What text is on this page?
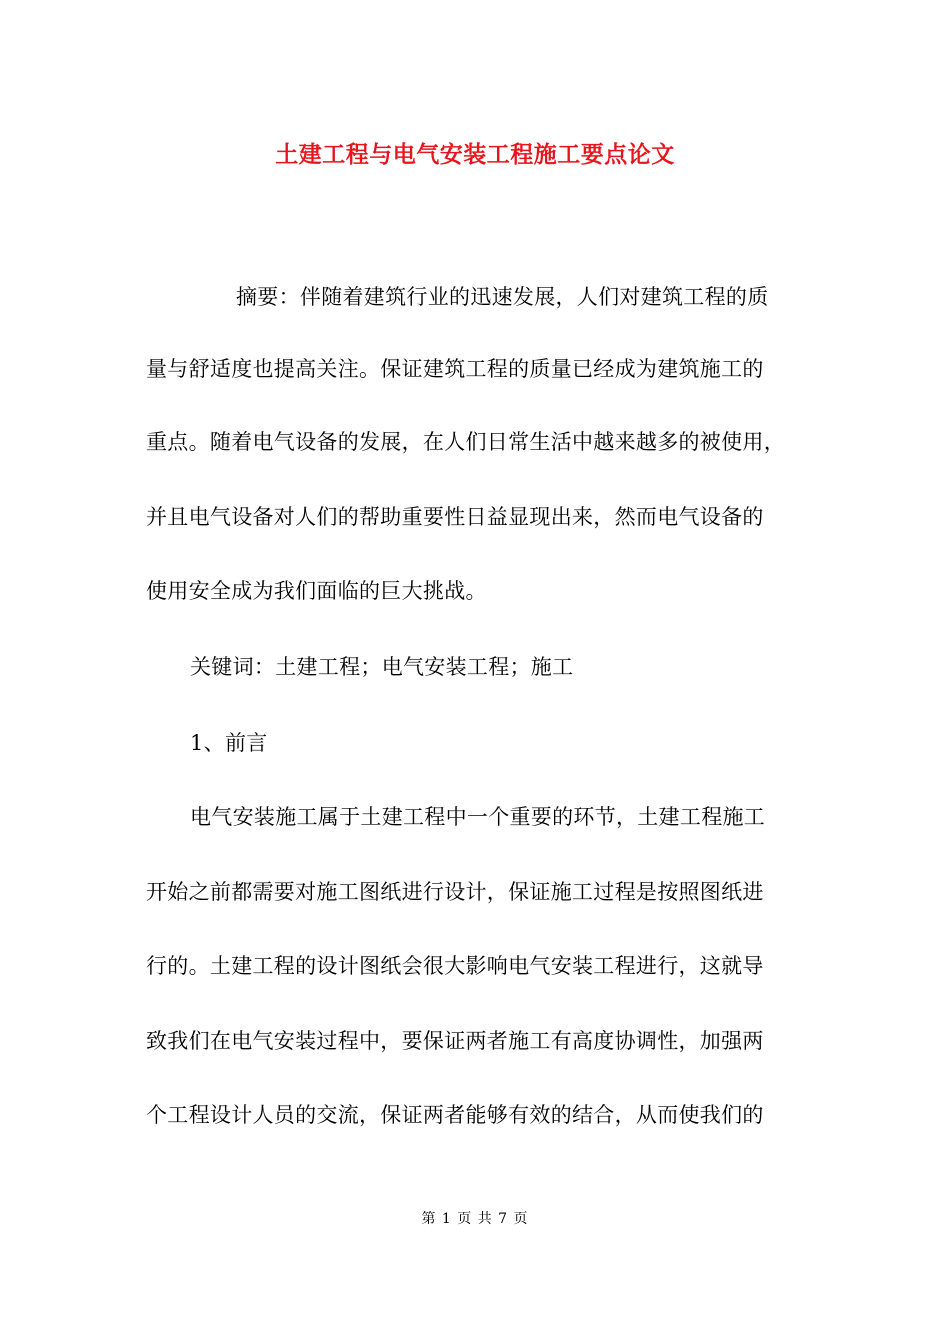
土建工程与电气安装工程施工要点论文
摘要：伴随着建筑行业的迅速发展，人们对建筑工程的质
量与舒适度也提高关注。保证建筑工程的质量已经成为建筑施工的
重点。随着电气设备的发展，在人们日常生活中越来越多的被使用，
并且电气设备对人们的帮助重要性日益显现出来，然而电气设备的
使用安全成为我们面临的巨大挑战。
关键词：土建工程；电气安装工程；施工
1、前言
电气安装施工属于土建工程中一个重要的环节，土建工程施工
开始之前都需要对施工图纸进行设计，保证施工过程是按照图纸进
行的。土建工程的设计图纸会很大影响电气安装工程进行，这就导
致我们在电气安装过程中，要保证两者施工有高度协调性，加强两
个工程设计人员的交流，保证两者能够有效的结合，从而使我们的
第 1 页 共 7 页
